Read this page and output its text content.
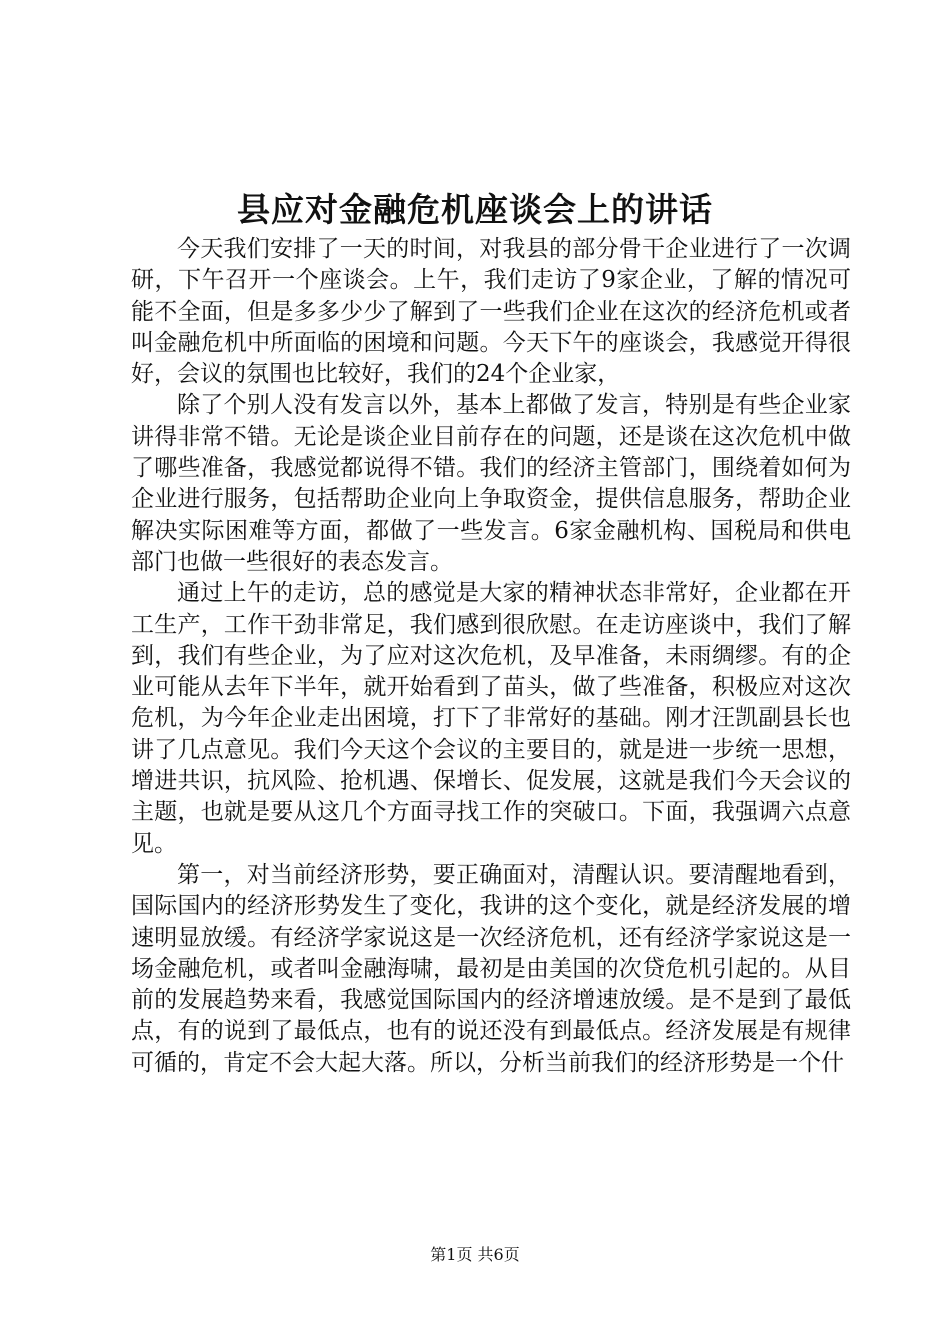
县应对金融危机座谈会上的讲话

今天我们安排了一天的时间，对我县的部分骨干企业进行了一次调研，下午召开一个座谈会。上午，我们走访了9家企业，了解的情况可能不全面，但是多多少少了解到了一些我们企业在这次的经济危机或者叫金融危机中所面临的困境和问题。今天下午的座谈会，我感觉开得很好，会议的氛围也比较好，我们的24个企业家，

除了个别人没有发言以外，基本上都做了发言，特别是有些企业家讲得非常不错。无论是谈企业目前存在的问题，还是谈在这次危机中做了哪些准备，我感觉都说得不错。我们的经济主管部门，围绕着如何为企业进行服务，包括帮助企业向上争取资金，提供信息服务，帮助企业解决实际困难等方面，都做了一些发言。6家金融机构、国税局和供电部门也做一些很好的表态发言。

通过上午的走访，总的感觉是大家的精神状态非常好，企业都在开工生产，工作干劲非常足，我们感到很欣慰。在走访座谈中，我们了解到，我们有些企业，为了应对这次危机，及早准备，未雨绸缪。有的企业可能从去年下半年，就开始看到了苗头，做了些准备，积极应对这次危机，为今年企业走出困境，打下了非常好的基础。刚才汪凯副县长也讲了几点意见。我们今天这个会议的主要目的，就是进一步统一思想，增进共识，抗风险、抢机遇、保增长、促发展，这就是我们今天会议的主题，也就是要从这几个方面寻找工作的突破口。下面，我强调六点意见。

第一，对当前经济形势，要正确面对，清醒认识。要清醒地看到，国际国内的经济形势发生了变化，我讲的这个变化，就是经济发展的增速明显放缓。有经济学家说这是一次经济危机，还有经济学家说这是一场金融危机，或者叫金融海啸，最初是由美国的次贷危机引起的。从目前的发展趋势来看，我感觉国际国内的经济增速放缓。是不是到了最低点，有的说到了最低点，也有的说还没有到最低点。经济发展是有规律可循的，肯定不会大起大落。所以，分析当前我们的经济形势是一个什

第1页 共6页
